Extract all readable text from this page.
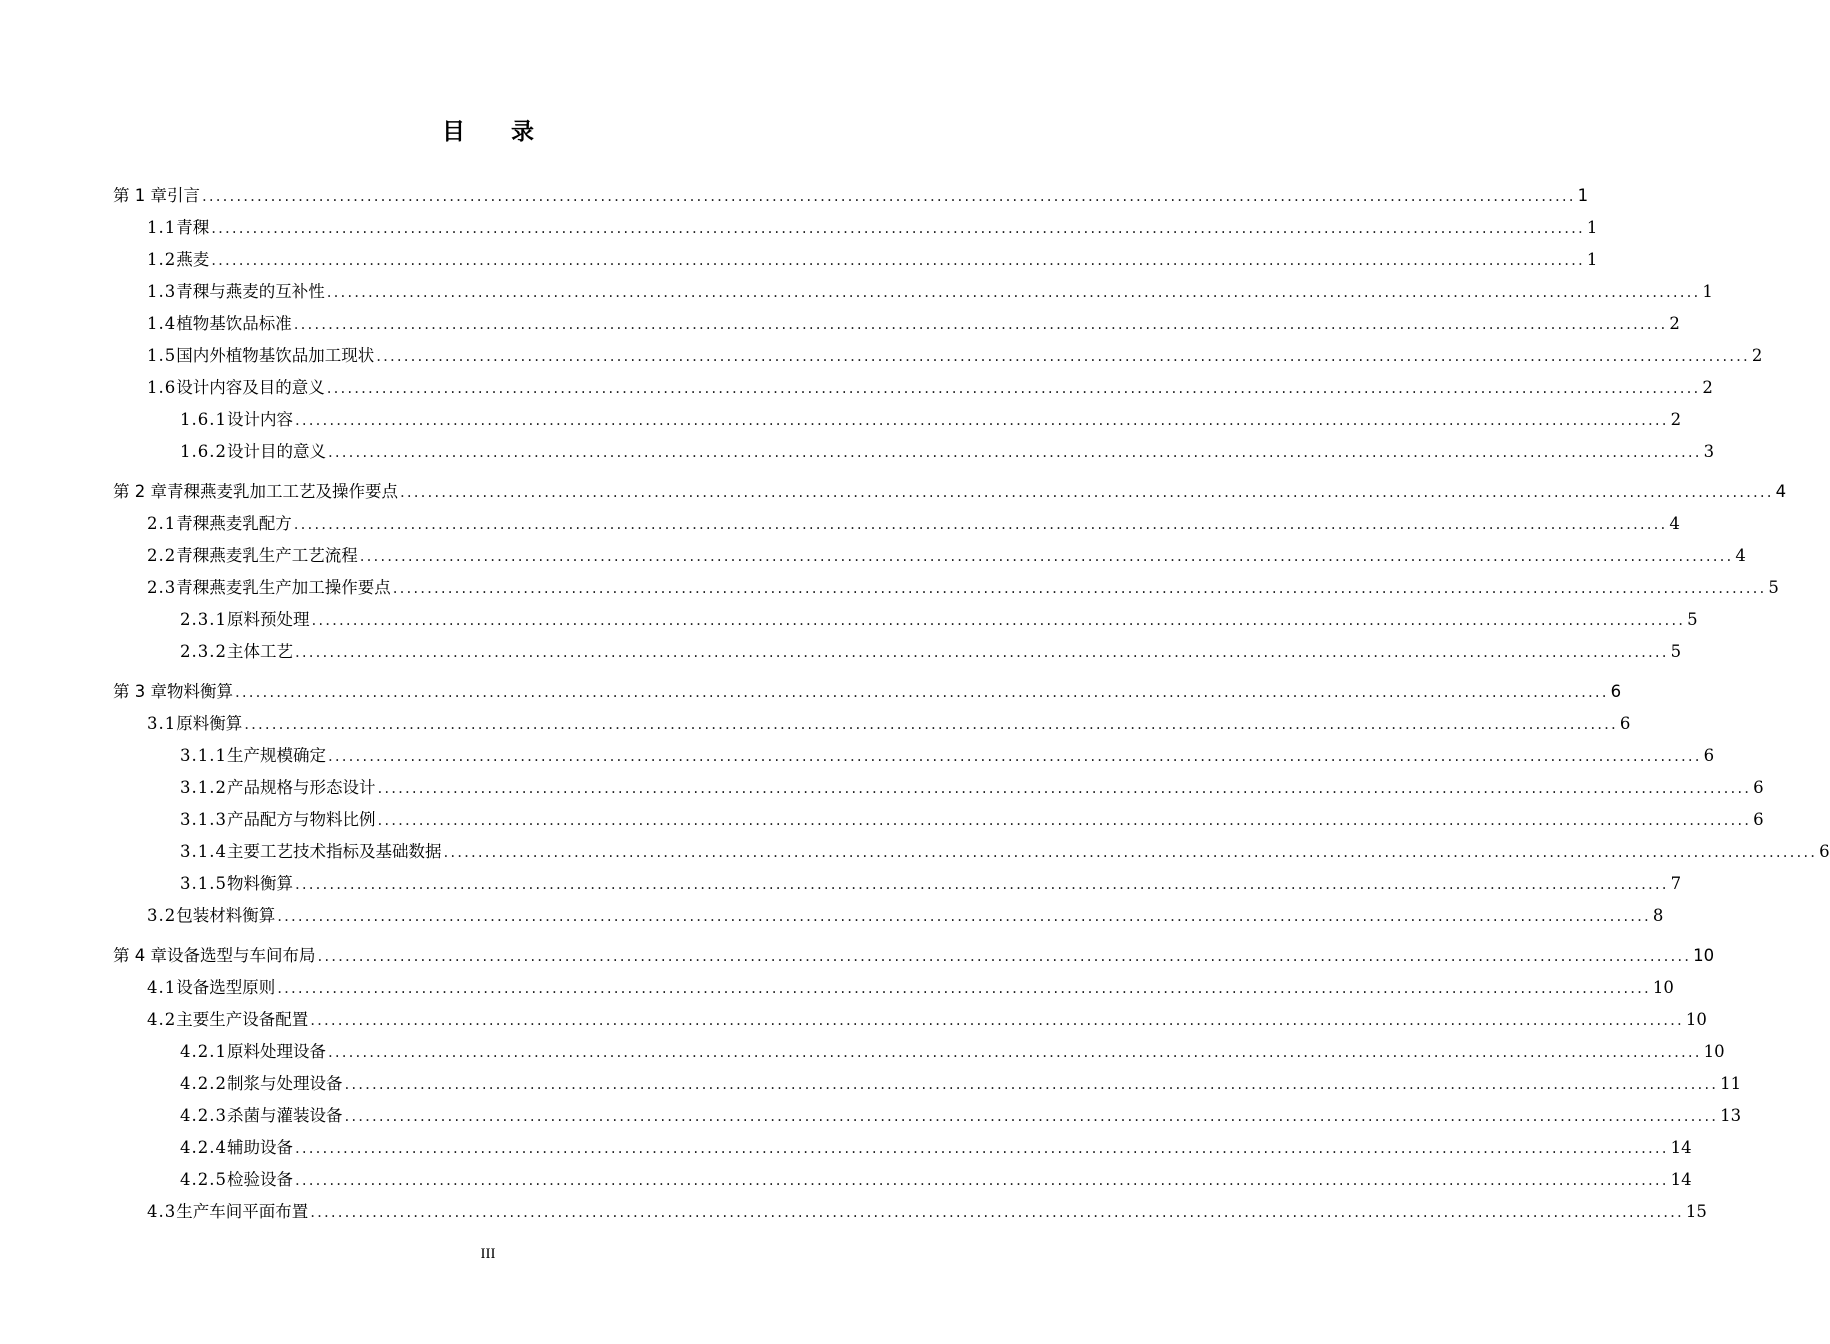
目 录
第 1 章 引言 ........................................................................................................................................................................................................ 1
1.1 青稞 ........................................................................................................................................................................................................ 1
1.2 燕麦 ........................................................................................................................................................................................................ 1
1.3 青稞与燕麦的互补性 ........................................................................................................................................................................................................ 1
1.4 植物基饮品标准 ........................................................................................................................................................................................................ 2
1.5 国内外植物基饮品加工现状 ........................................................................................................................................................................................................ 2
1.6 设计内容及目的意义 ........................................................................................................................................................................................................ 2
1.6.1 设计内容 ........................................................................................................................................................................................................ 2
1.6.2 设计目的意义 ........................................................................................................................................................................................................ 3
第 2 章 青稞燕麦乳加工工艺及操作要点 ........................................................................................................................................................................................................ 4
2.1 青稞燕麦乳配方 ........................................................................................................................................................................................................ 4
2.2 青稞燕麦乳生产工艺流程 ........................................................................................................................................................................................................ 4
2.3 青稞燕麦乳生产加工操作要点 ........................................................................................................................................................................................................ 5
2.3.1 原料预处理 ........................................................................................................................................................................................................ 5
2.3.2 主体工艺 ........................................................................................................................................................................................................ 5
第 3 章 物料衡算 ........................................................................................................................................................................................................ 6
3.1 原料衡算 ........................................................................................................................................................................................................ 6
3.1.1 生产规模确定 ........................................................................................................................................................................................................ 6
3.1.2 产品规格与形态设计 ........................................................................................................................................................................................................ 6
3.1.3 产品配方与物料比例 ........................................................................................................................................................................................................ 6
3.1.4 主要工艺技术指标及基础数据 ........................................................................................................................................................................................................ 6
3.1.5 物料衡算 ........................................................................................................................................................................................................ 7
3.2 包装材料衡算 ........................................................................................................................................................................................................ 8
第 4 章 设备选型与车间布局 ........................................................................................................................................................................................................ 10
4.1 设备选型原则 ........................................................................................................................................................................................................ 10
4.2 主要生产设备配置 ........................................................................................................................................................................................................ 10
4.2.1 原料处理设备 ........................................................................................................................................................................................................ 10
4.2.2 制浆与处理设备 ........................................................................................................................................................................................................ 11
4.2.3 杀菌与灌装设备 ........................................................................................................................................................................................................ 13
4.2.4 辅助设备 ........................................................................................................................................................................................................ 14
4.2.5 检验设备 ........................................................................................................................................................................................................ 14
4.3 生产车间平面布置 ........................................................................................................................................................................................................ 15
III
